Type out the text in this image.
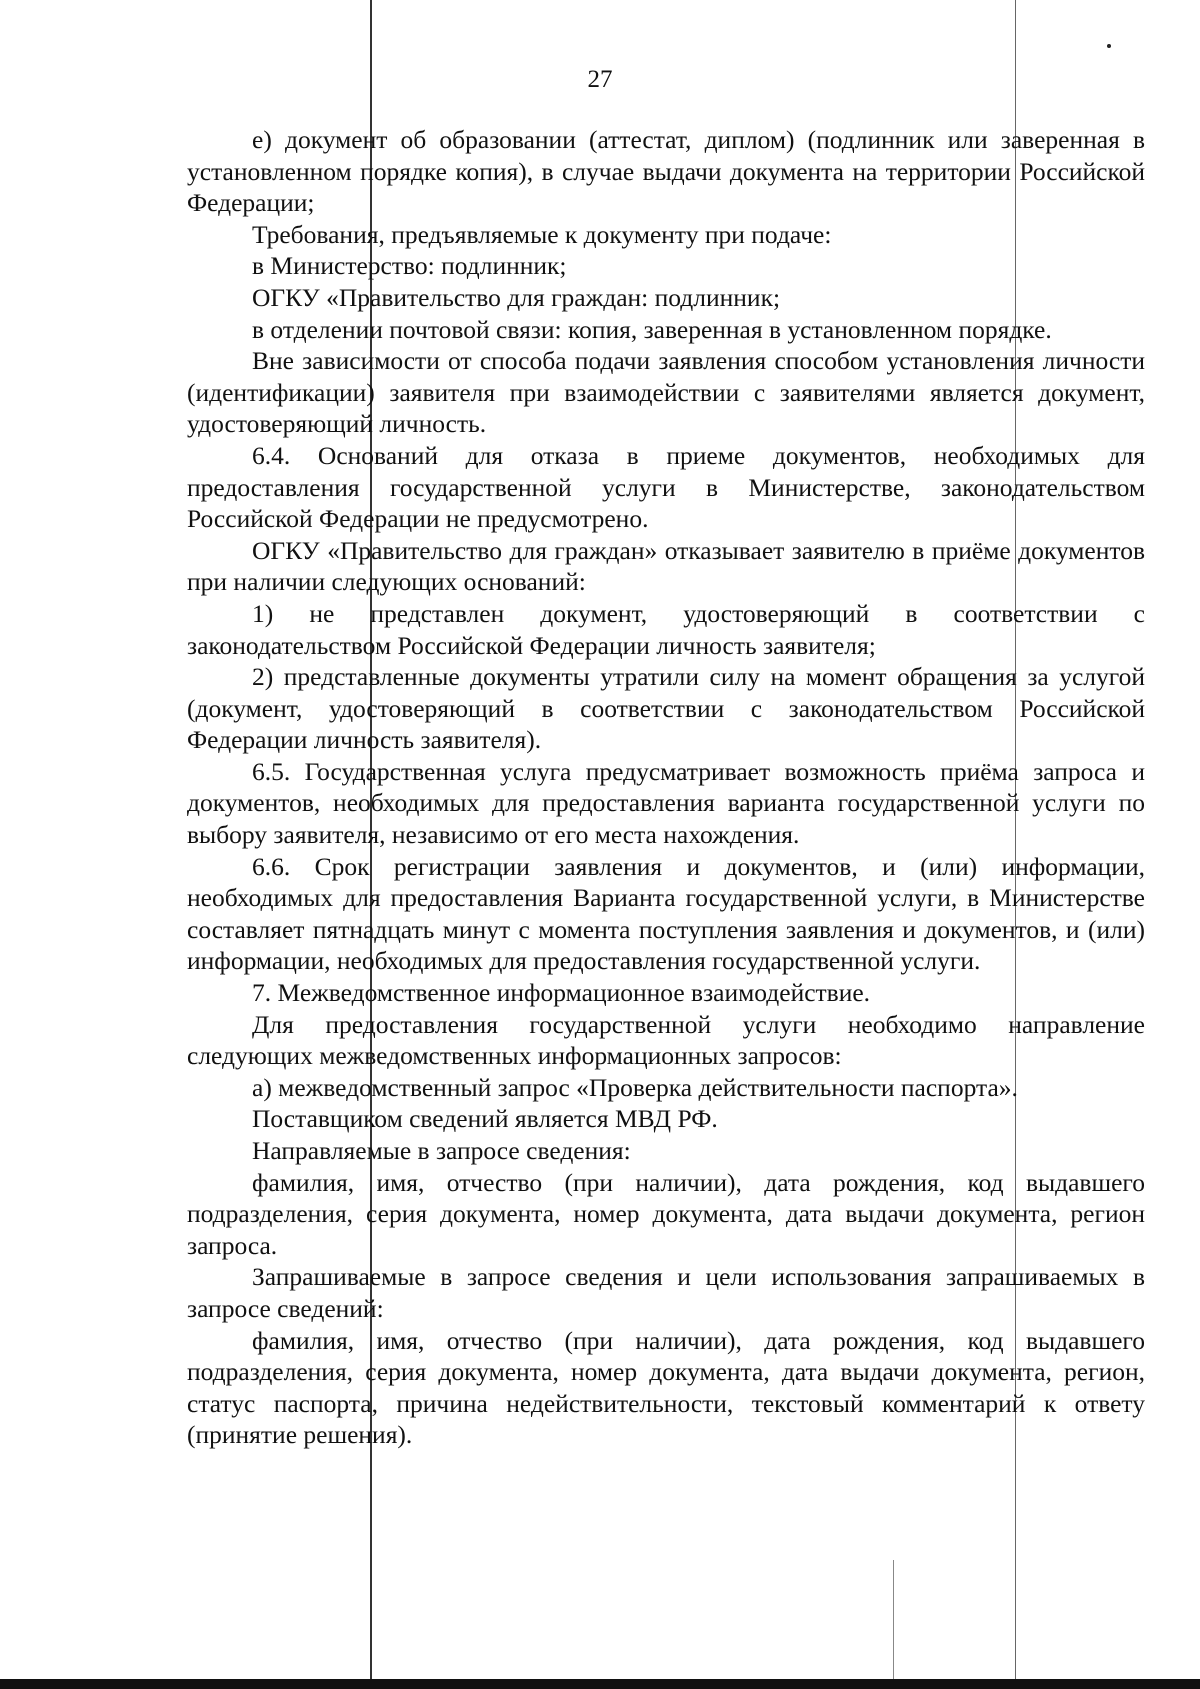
27

е) документ об образовании (аттестат, диплом) (подлинник или заверенная в установленном порядке копия), в случае выдачи документа на территории Российской Федерации;

Требования, предъявляемые к документу при подаче:

в Министерство: подлинник;

ОГКУ «Правительство для граждан: подлинник;

в отделении почтовой связи: копия, заверенная в установленном порядке.

Вне зависимости от способа подачи заявления способом установления личности (идентификации) заявителя при взаимодействии с заявителями является документ, удостоверяющий личность.

6.4. Оснований для отказа в приеме документов, необходимых для предоставления государственной услуги в Министерстве, законодательством Российской Федерации не предусмотрено.

ОГКУ «Правительство для граждан» отказывает заявителю в приёме документов при наличии следующих оснований:

1) не представлен документ, удостоверяющий в соответствии с законодательством Российской Федерации личность заявителя;

2) представленные документы утратили силу на момент обращения за услугой (документ, удостоверяющий в соответствии с законодательством Российской Федерации личность заявителя).

6.5. Государственная услуга предусматривает возможность приёма запроса и документов, необходимых для предоставления варианта государственной услуги по выбору заявителя, независимо от его места нахождения.

6.6. Срок регистрации заявления и документов, и (или) информации, необходимых для предоставления Варианта государственной услуги, в Министерстве составляет пятнадцать минут с момента поступления заявления и документов, и (или) информации, необходимых для предоставления государственной услуги.

7. Межведомственное информационное взаимодействие.

Для предоставления государственной услуги необходимо направление следующих межведомственных информационных запросов:

а) межведомственный запрос «Проверка действительности паспорта».

Поставщиком сведений является МВД РФ.

Направляемые в запросе сведения:

фамилия, имя, отчество (при наличии), дата рождения, код выдавшего подразделения, серия документа, номер документа, дата выдачи документа, регион запроса.

Запрашиваемые в запросе сведения и цели использования запрашиваемых в запросе сведений:

фамилия, имя, отчество (при наличии), дата рождения, код выдавшего подразделения, серия документа, номер документа, дата выдачи документа, регион, статус паспорта, причина недействительности, текстовый комментарий к ответу (принятие решения).
